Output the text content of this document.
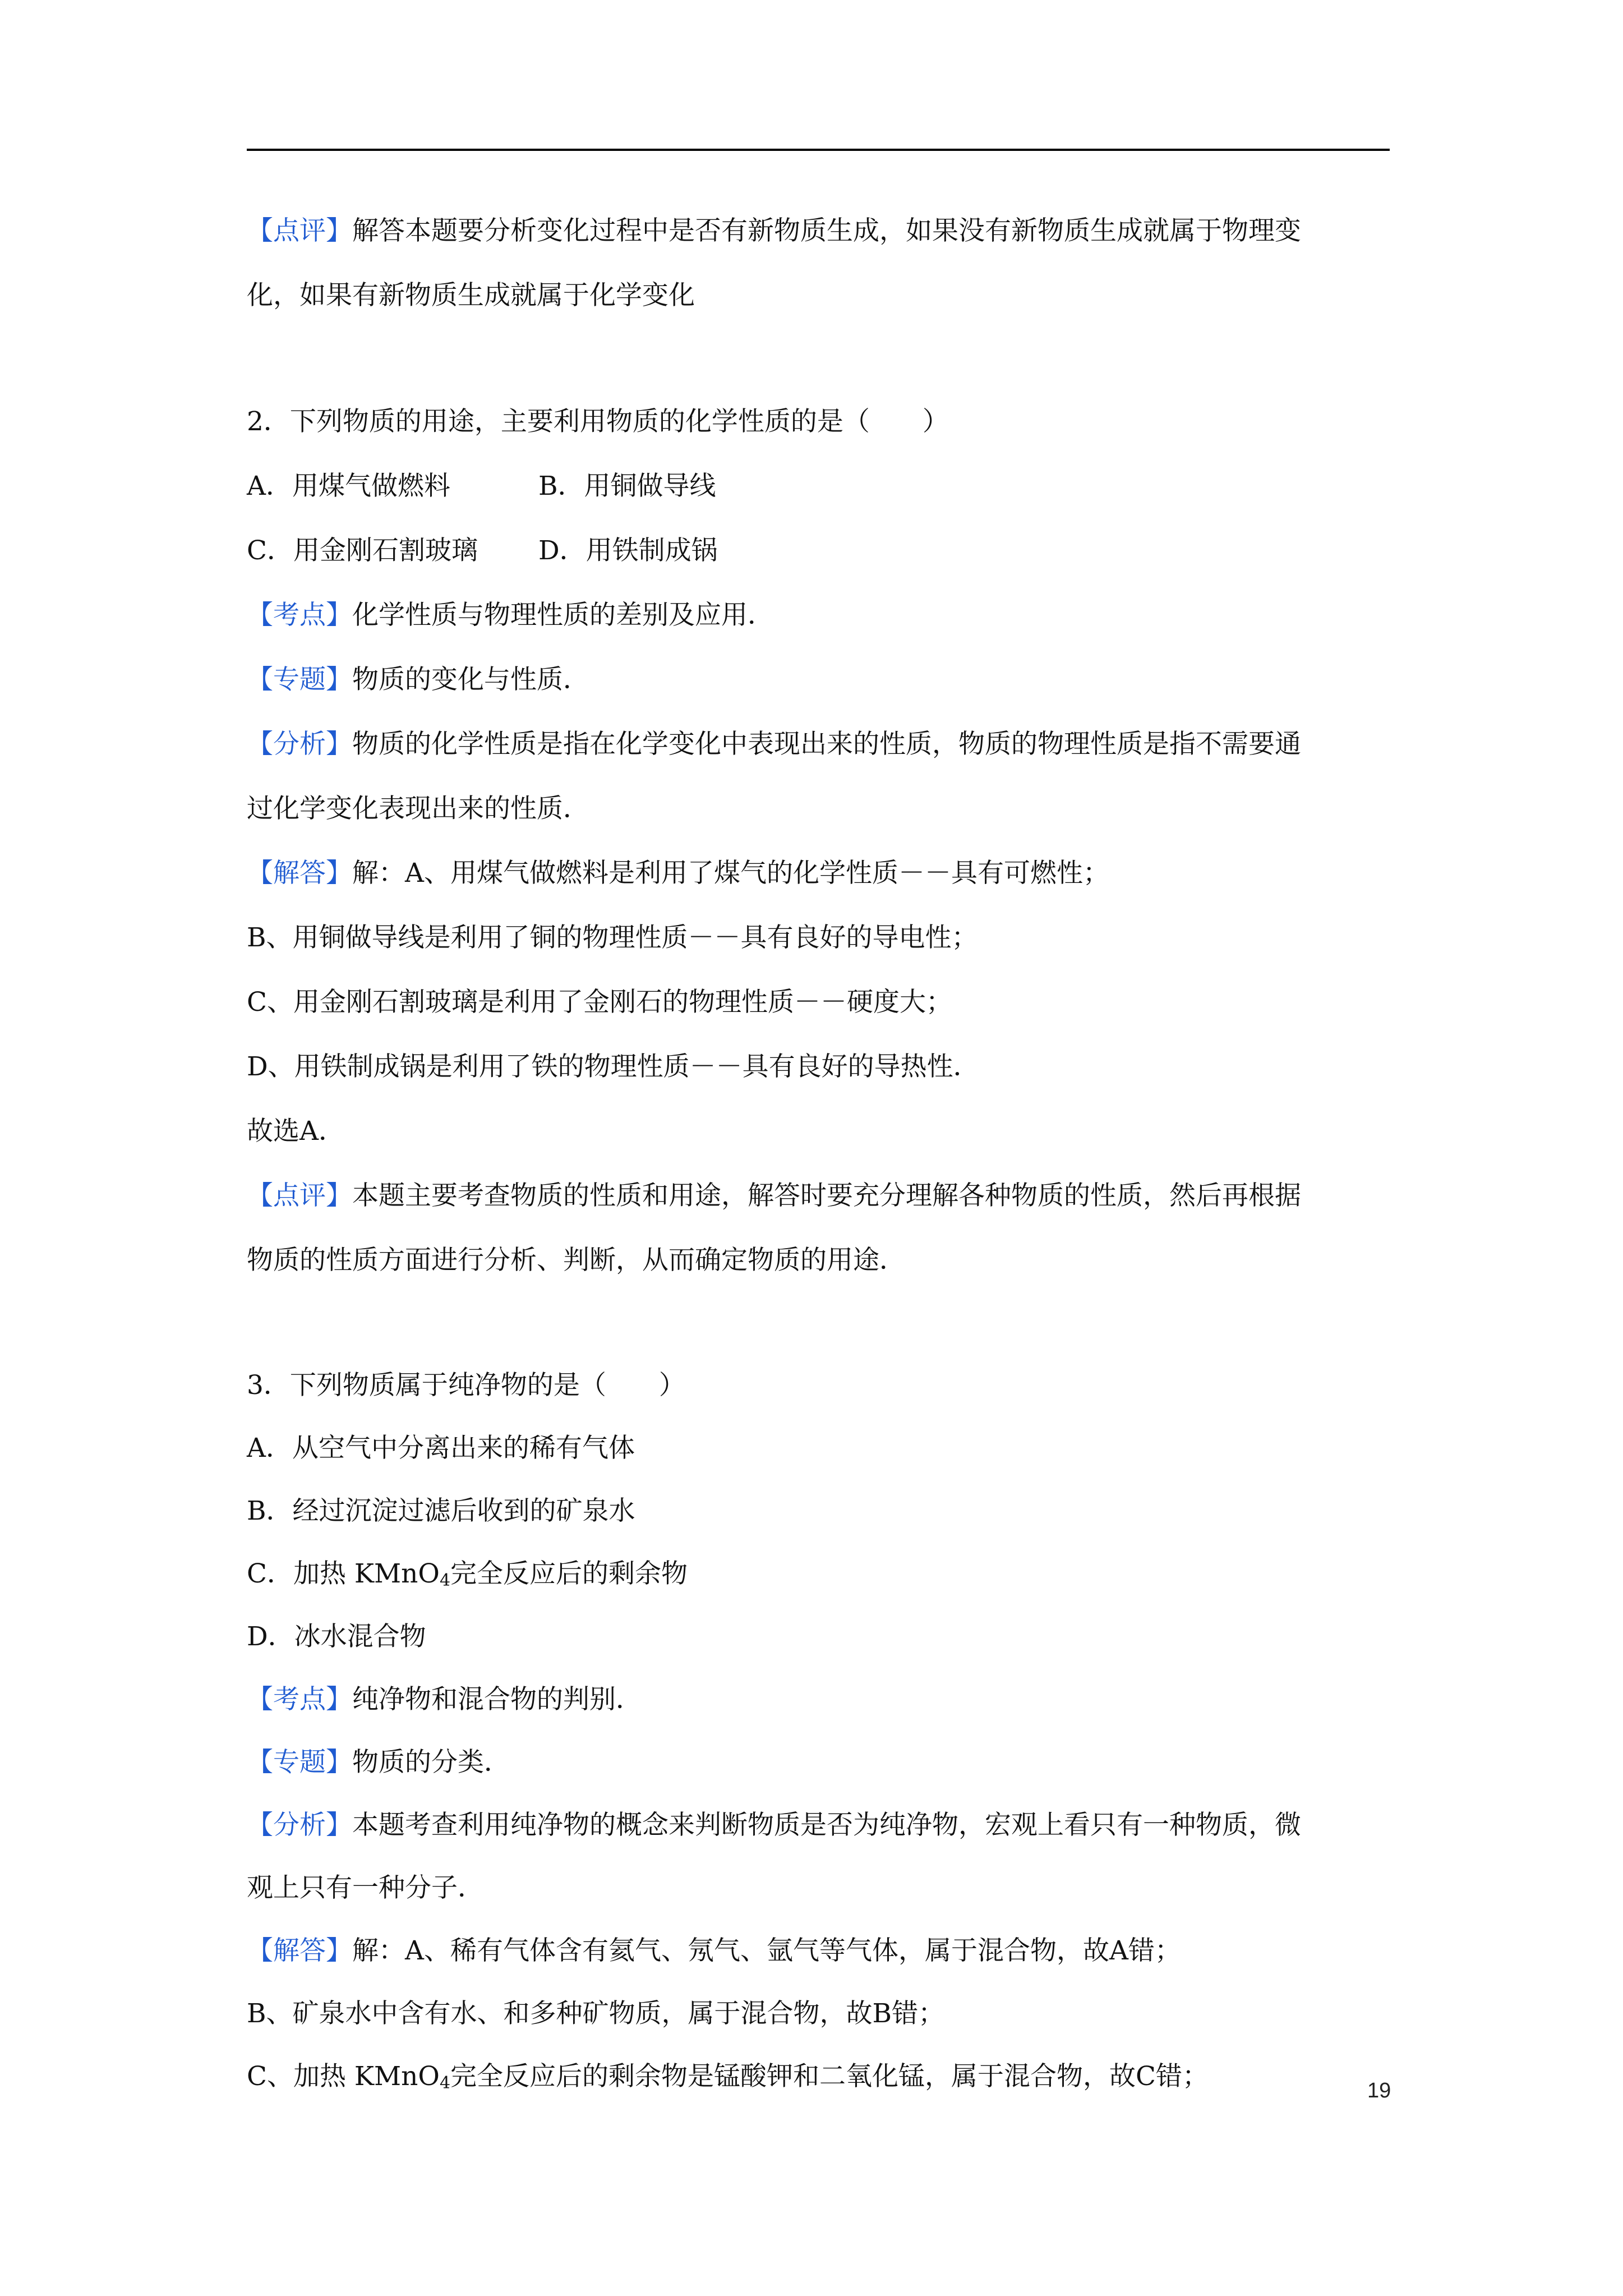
【点评】解答本题要分析变化过程中是否有新物质生成，如果没有新物质生成就属于物理变
化，如果有新物质生成就属于化学变化
2．下列物质的用途，主要利用物质的化学性质的是（　　）
A．用煤气做燃料	B．用铜做导线
C．用金刚石割玻璃 D．用铁制成锅
【考点】化学性质与物理性质的差别及应用．
【专题】物质的变化与性质．
【分析】物质的化学性质是指在化学变化中表现出来的性质，物质的物理性质是指不需要通
过化学变化表现出来的性质．
【解答】解：A、用煤气做燃料是利用了煤气的化学性质－－具有可燃性；
B、用铜做导线是利用了铜的物理性质－－具有良好的导电性；
C、用金刚石割玻璃是利用了金刚石的物理性质－－硬度大；
D、用铁制成锅是利用了铁的物理性质－－具有良好的导热性．
故选A．
【点评】本题主要考查物质的性质和用途，解答时要充分理解各种物质的性质，然后再根据
物质的性质方面进行分析、判断，从而确定物质的用途．
3．下列物质属于纯净物的是（　　）
A．从空气中分离出来的稀有气体
B．经过沉淀过滤后收到的矿泉水
C．加热 KMnO$_4$完全反应后的剩余物
D．冰水混合物
【考点】纯净物和混合物的判别．
【专题】物质的分类．
【分析】本题考查利用纯净物的概念来判断物质是否为纯净物，宏观上看只有一种物质，微
观上只有一种分子．
【解答】解：A、稀有气体含有氦气、氖气、氩气等气体，属于混合物，故A错；
B、矿泉水中含有水、和多种矿物质，属于混合物，故B错；
C、加热 KMnO$_4$完全反应后的剩余物是锰酸钾和二氧化锰，属于混合物，故C错；	19
